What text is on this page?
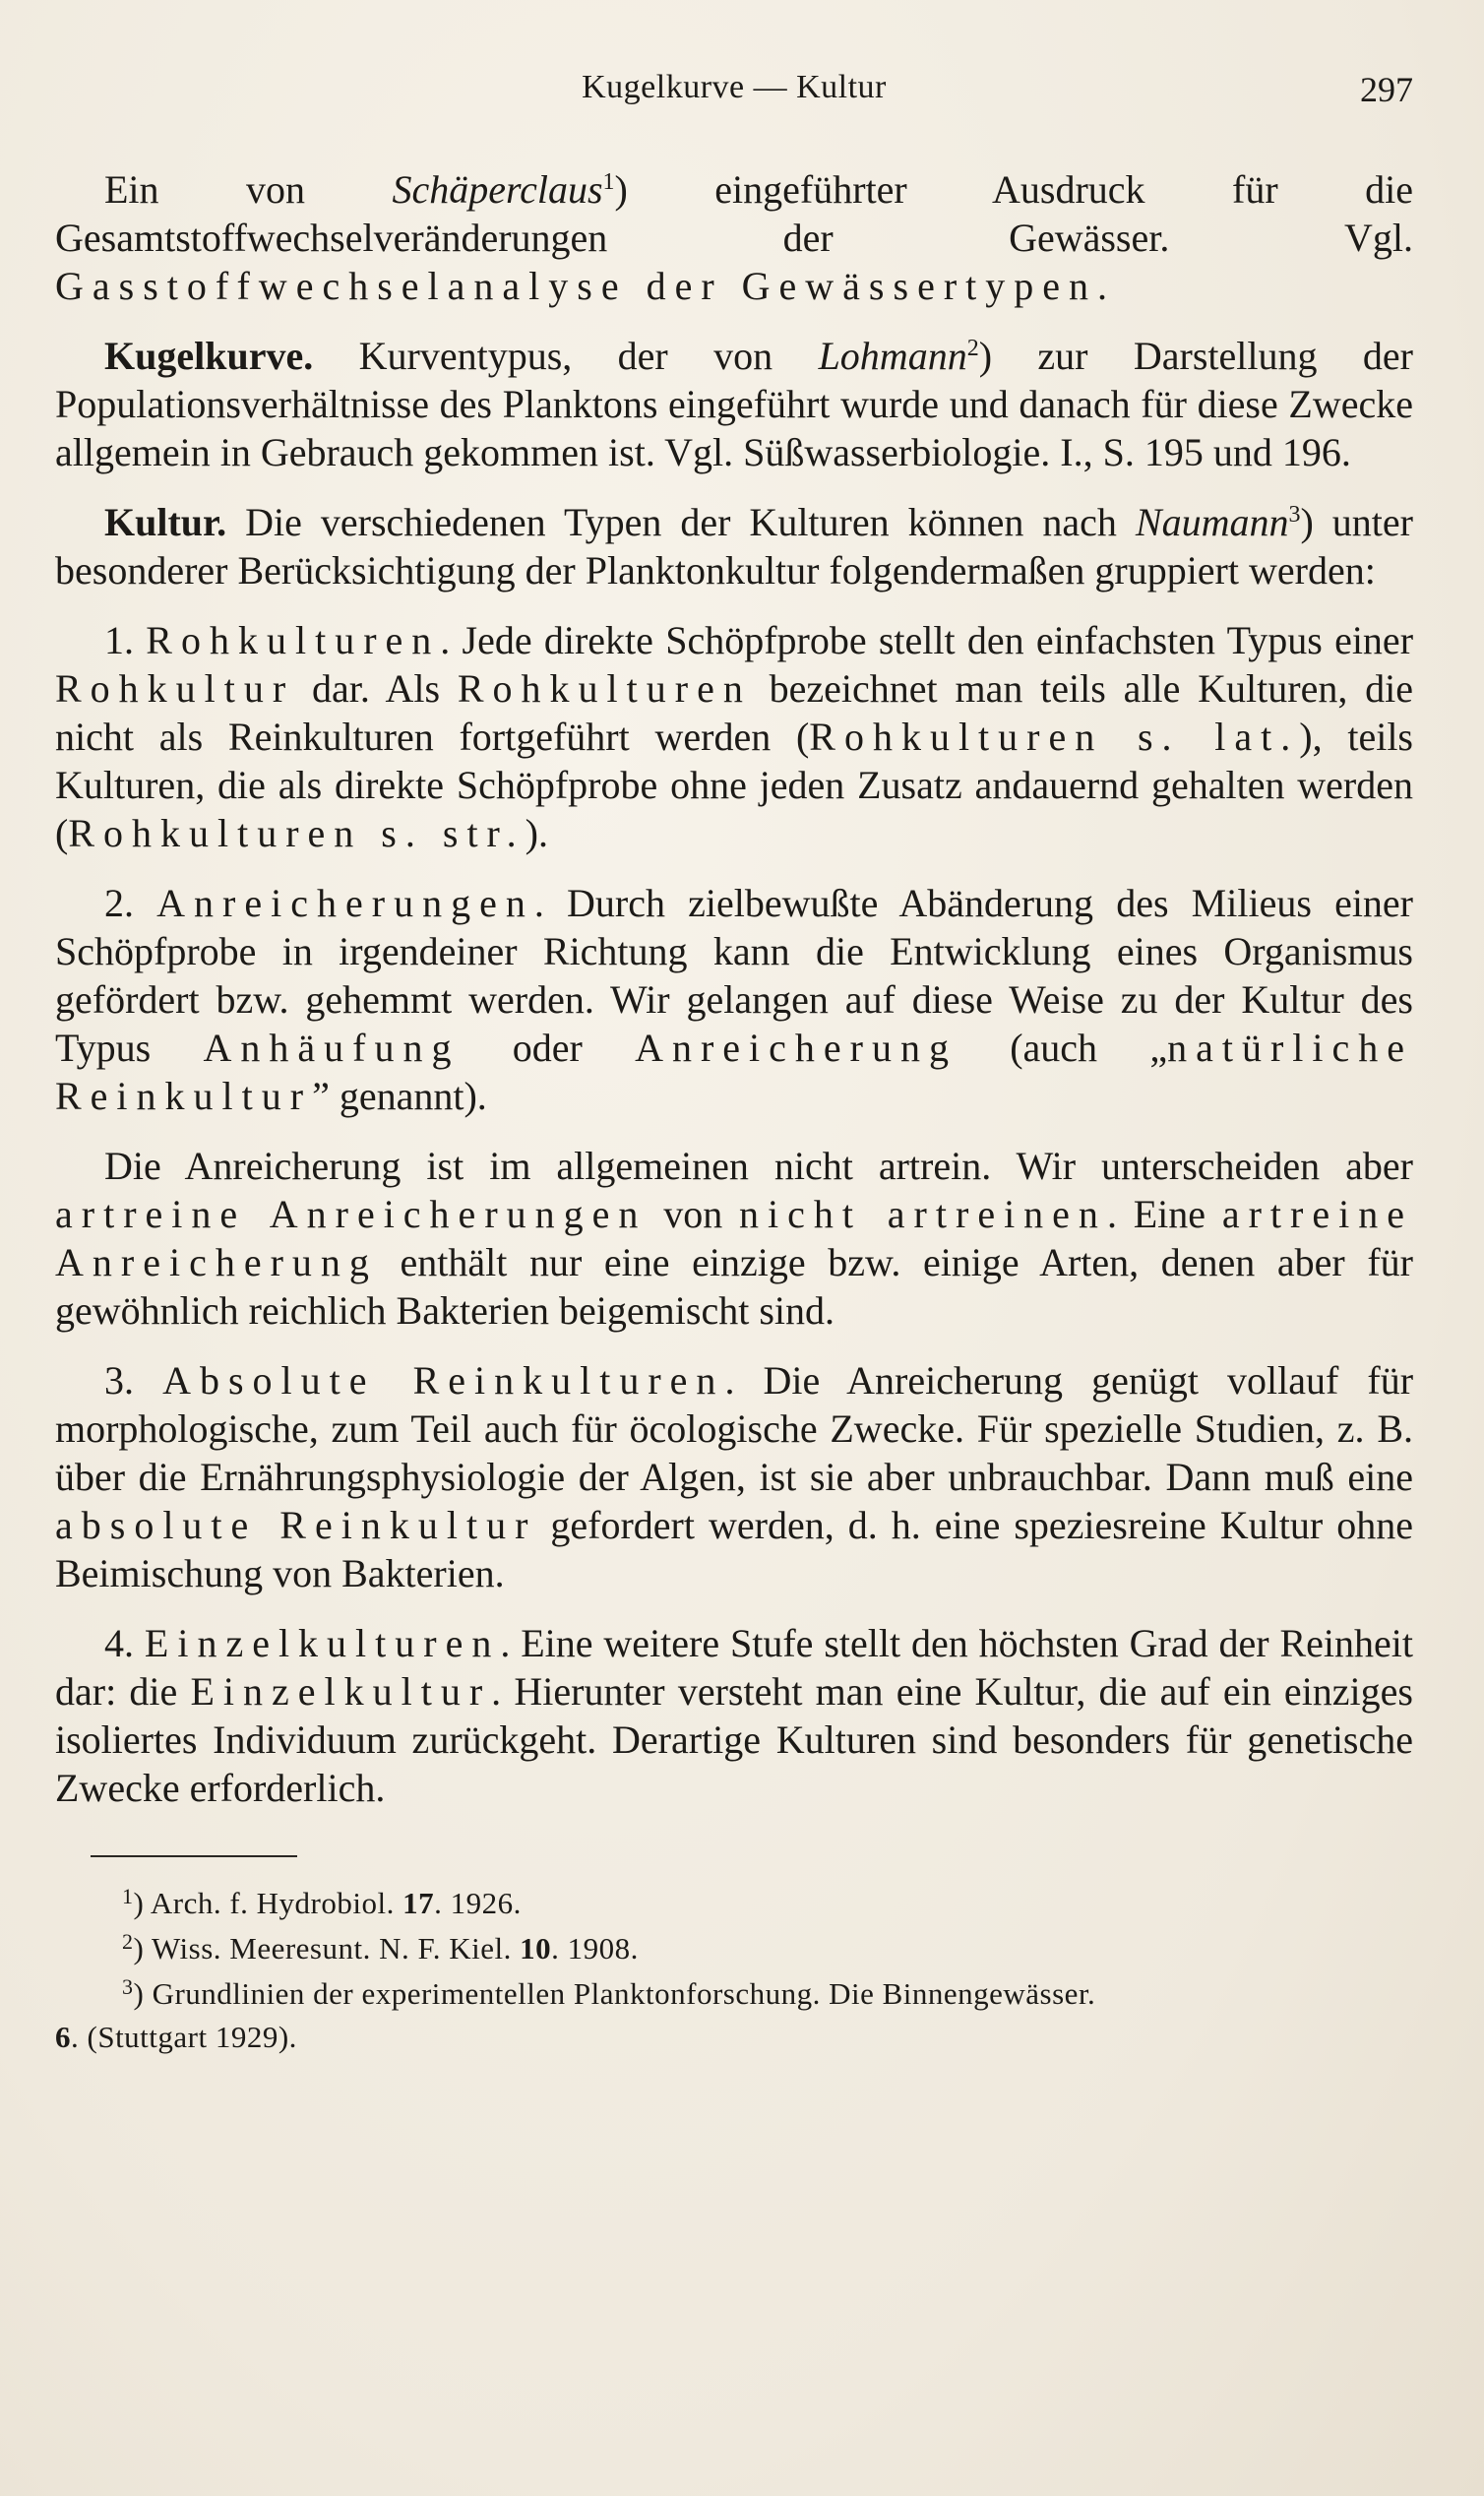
Kugelkurve — Kultur	297

Ein von Schäperclaus$^1$) eingeführter Ausdruck für die Gesamtstoffwechselveränderungen der Gewässer. Vgl. Gasstoffwechselanalyse der Gewässertypen.

Kugelkurve. Kurventypus, der von Lohmann$^2$) zur Darstellung der Populationsverhältnisse des Planktons eingeführt wurde und danach für diese Zwecke allgemein in Gebrauch gekommen ist. Vgl. Süßwasserbiologie. I., S. 195 und 196.

Kultur. Die verschiedenen Typen der Kulturen können nach Naumann$^3$) unter besonderer Berücksichtigung der Planktonkultur folgendermaßen gruppiert werden:

1. Rohkulturen. Jede direkte Schöpfprobe stellt den einfachsten Typus einer Rohkultur dar. Als Rohkulturen bezeichnet man teils alle Kulturen, die nicht als Reinkulturen fortgeführt werden (Rohkulturen s. lat.), teils Kulturen, die als direkte Schöpfprobe ohne jeden Zusatz andauernd gehalten werden (Rohkulturen s. str.).

2. Anreicherungen. Durch zielbewußte Abänderung des Milieus einer Schöpfprobe in irgendeiner Richtung kann die Entwicklung eines Organismus gefördert bzw. gehemmt werden. Wir gelangen auf diese Weise zu der Kultur des Typus Anhäufung oder Anreicherung (auch „natürliche Reinkultur” genannt).

Die Anreicherung ist im allgemeinen nicht artrein. Wir unterscheiden aber artreine Anreicherungen von nicht artreinen. Eine artreine Anreicherung enthält nur eine einzige bzw. einige Arten, denen aber für gewöhnlich reichlich Bakterien beigemischt sind.

3. Absolute Reinkulturen. Die Anreicherung genügt vollauf für morphologische, zum Teil auch für öcologische Zwecke. Für spezielle Studien, z. B. über die Ernährungsphysiologie der Algen, ist sie aber unbrauchbar. Dann muß eine absolute Reinkultur gefordert werden, d. h. eine speziesreine Kultur ohne Beimischung von Bakterien.

4. Einzelkulturen. Eine weitere Stufe stellt den höchsten Grad der Reinheit dar: die Einzelkultur. Hierunter versteht man eine Kultur, die auf ein einziges isoliertes Individuum zurückgeht. Derartige Kulturen sind besonders für genetische Zwecke erforderlich.

$^1$) Arch. f. Hydrobiol. 17. 1926.

$^2$) Wiss. Meeresunt. N. F. Kiel. 10. 1908.

$^3$) Grundlinien der experimentellen Planktonforschung. Die Binnengewässer.

6. (Stuttgart 1929).
